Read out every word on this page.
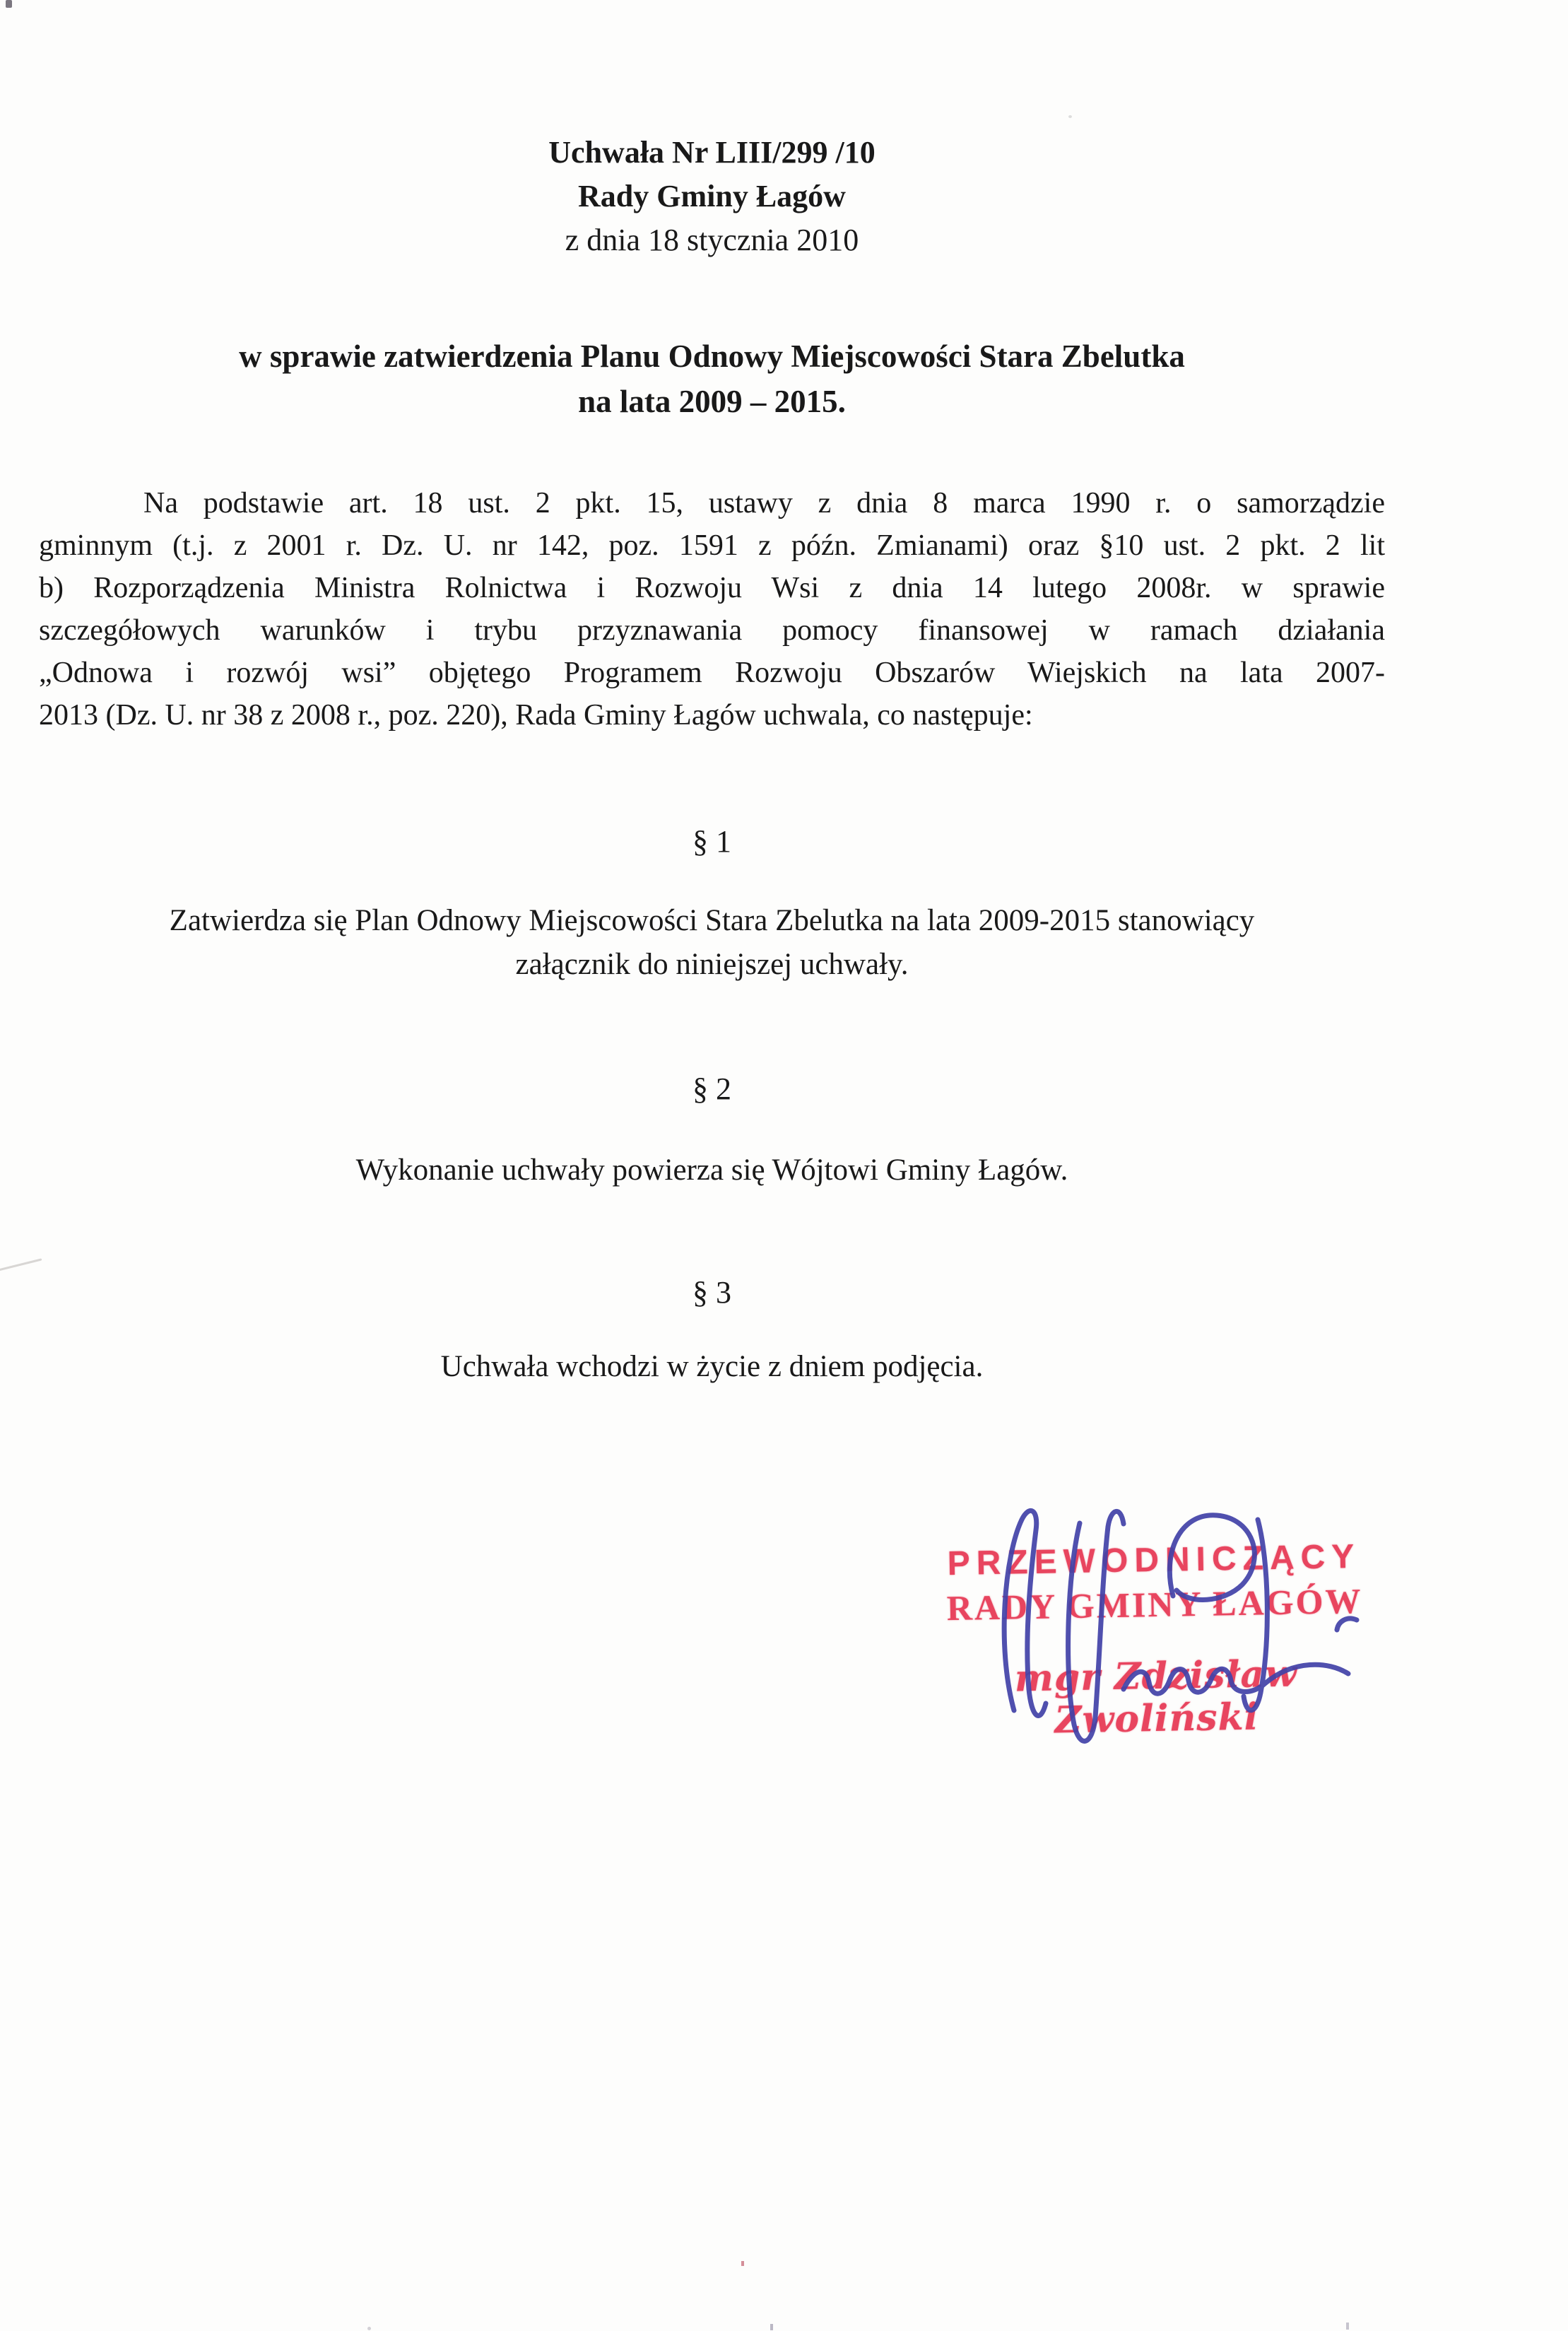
Uchwała Nr LIII/299 /10
Rady Gminy Łagów
z dnia 18 stycznia 2010
w sprawie zatwierdzenia Planu Odnowy Miejscowości Stara Zbelutka
na lata 2009 – 2015.
Na podstawie art. 18 ust. 2 pkt. 15, ustawy z dnia 8 marca 1990 r. o samorządzie
gminnym (t.j. z 2001 r. Dz. U. nr 142, poz. 1591 z późn. Zmianami) oraz §10 ust. 2 pkt. 2 lit
b) Rozporządzenia Ministra Rolnictwa i Rozwoju Wsi z dnia 14 lutego 2008r. w sprawie
szczegółowych warunków i trybu przyznawania pomocy finansowej w ramach działania
„Odnowa i rozwój wsi” objętego Programem Rozwoju Obszarów Wiejskich na lata 2007-
2013 (Dz. U. nr 38 z 2008 r., poz. 220), Rada Gminy Łagów uchwala, co następuje:
§ 1
Zatwierdza się Plan Odnowy Miejscowości Stara Zbelutka na lata 2009-2015 stanowiący
załącznik do niniejszej uchwały.
§ 2
Wykonanie uchwały powierza się Wójtowi Gminy Łagów.
§ 3
Uchwała wchodzi w życie z dniem podjęcia.
PRZEWODNICZĄCY
RADY GMINY ŁAGÓW
mgr Zdzisław Zwoliński
